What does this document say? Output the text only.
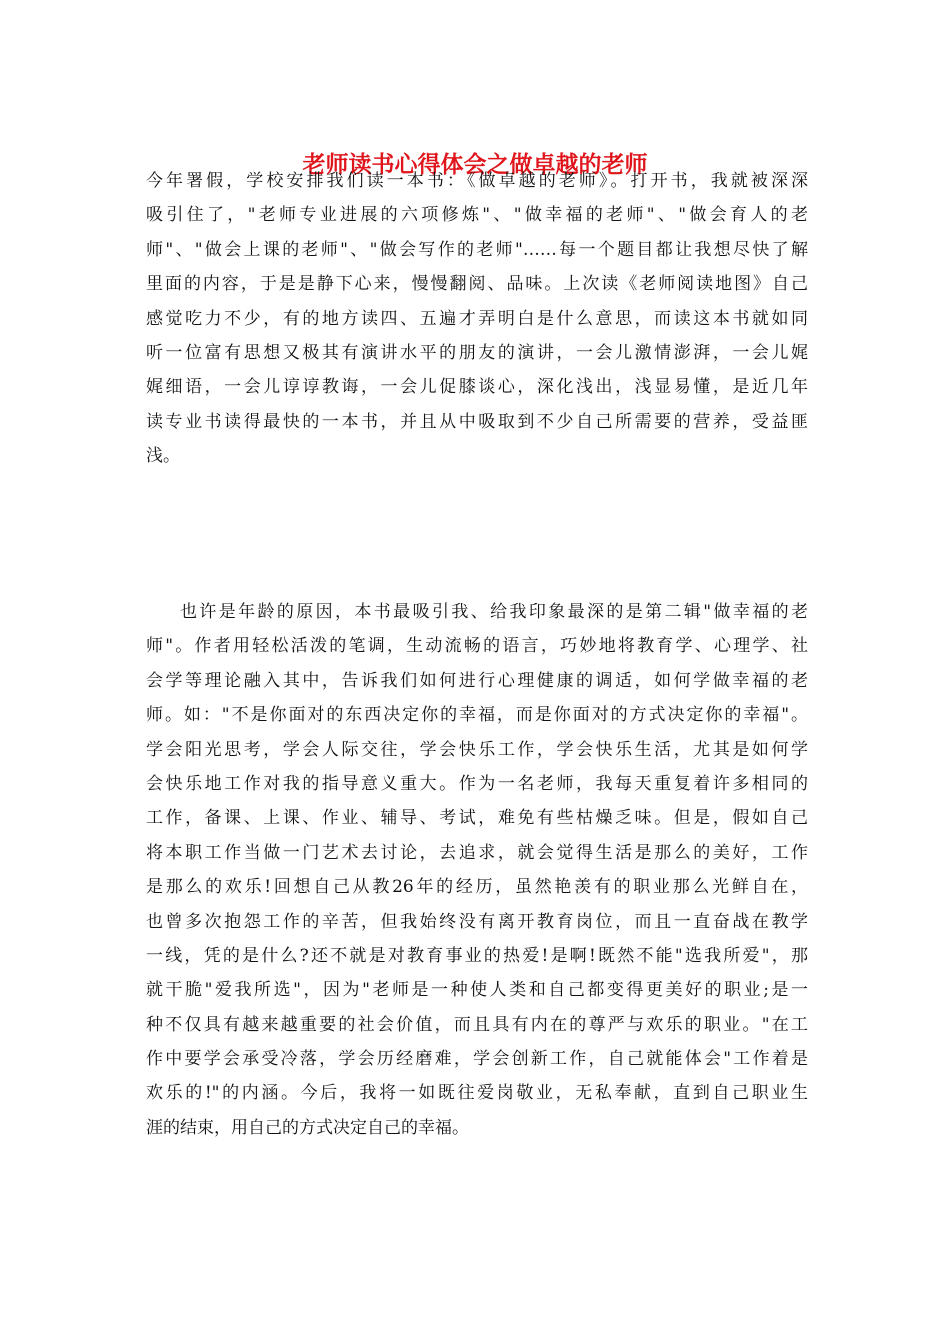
老师读书心得体会之做卓越的老师
今年署假，学校安排我们读一本书：《做卓越的老师》。打开书，我就被深深
吸引住了，"老师专业进展的六项修炼"、"做幸福的老师"、"做会育人的老
师"、"做会上课的老师"、"做会写作的老师"……每一个题目都让我想尽快了解
里面的内容，于是是静下心来，慢慢翻阅、品味。上次读《老师阅读地图》自己
感觉吃力不少，有的地方读四、五遍才弄明白是什么意思，而读这本书就如同
听一位富有思想又极其有演讲水平的朋友的演讲，一会儿激情澎湃，一会儿娓
娓细语，一会儿谆谆教诲，一会儿促膝谈心，深化浅出，浅显易懂，是近几年
读专业书读得最快的一本书，并且从中吸取到不少自己所需要的营养，受益匪
浅。
也许是年龄的原因，本书最吸引我、给我印象最深的是第二辑"做幸福的老
师"。作者用轻松活泼的笔调，生动流畅的语言，巧妙地将教育学、心理学、社
会学等理论融入其中，告诉我们如何进行心理健康的调适，如何学做幸福的老
师。如："不是你面对的东西决定你的幸福，而是你面对的方式决定你的幸福"。
学会阳光思考，学会人际交往，学会快乐工作，学会快乐生活，尤其是如何学
会快乐地工作对我的指导意义重大。作为一名老师，我每天重复着许多相同的
工作，备课、上课、作业、辅导、考试，难免有些枯燥乏味。但是，假如自己
将本职工作当做一门艺术去讨论，去追求，就会觉得生活是那么的美好，工作
是那么的欢乐!回想自己从教26年的经历，虽然艳羡有的职业那么光鲜自在，
也曾多次抱怨工作的辛苦，但我始终没有离开教育岗位，而且一直奋战在教学
一线，凭的是什么?还不就是对教育事业的热爱!是啊!既然不能"选我所爱"，那
就干脆"爱我所选"，因为"老师是一种使人类和自己都变得更美好的职业;是一
种不仅具有越来越重要的社会价值，而且具有内在的尊严与欢乐的职业。"在工
作中要学会承受冷落，学会历经磨难，学会创新工作，自己就能体会"工作着是
欢乐的!"的内涵。今后，我将一如既往爱岗敬业，无私奉献，直到自己职业生
涯的结束，用自己的方式决定自己的幸福。
